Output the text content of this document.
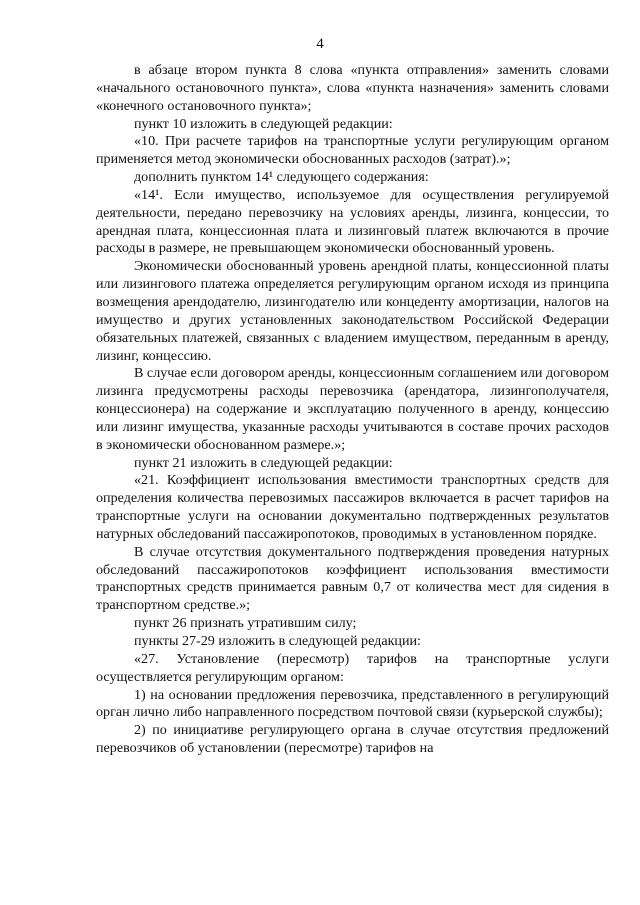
4

в абзаце втором пункта 8 слова «пункта отправления» заменить словами «начального остановочного пункта», слова «пункта назначения» заменить словами «конечного остановочного пункта»;

пункт 10 изложить в следующей редакции:

«10. При расчете тарифов на транспортные услуги регулирующим органом применяется метод экономически обоснованных расходов (затрат).»;

дополнить пунктом 14¹ следующего содержания:

«14¹. Если имущество, используемое для осуществления регулируемой деятельности, передано перевозчику на условиях аренды, лизинга, концессии, то арендная плата, концессионная плата и лизинговый платеж включаются в прочие расходы в размере, не превышающем экономически обоснованный уровень.

Экономически обоснованный уровень арендной платы, концессионной платы или лизингового платежа определяется регулирующим органом исходя из принципа возмещения арендодателю, лизингодателю или концеденту амортизации, налогов на имущество и других установленных законодательством Российской Федерации обязательных платежей, связанных с владением имуществом, переданным в аренду, лизинг, концессию.

В случае если договором аренды, концессионным соглашением или договором лизинга предусмотрены расходы перевозчика (арендатора, лизингополучателя, концессионера) на содержание и эксплуатацию полученного в аренду, концессию или лизинг имущества, указанные расходы учитываются в составе прочих расходов в экономически обоснованном размере.»;

пункт 21 изложить в следующей редакции:

«21. Коэффициент использования вместимости транспортных средств для определения количества перевозимых пассажиров включается в расчет тарифов на транспортные услуги на основании документально подтвержденных результатов натурных обследований пассажиропотоков, проводимых в установленном порядке.

В случае отсутствия документального подтверждения проведения натурных обследований пассажиропотоков коэффициент использования вместимости транспортных средств принимается равным 0,7 от количества мест для сидения в транспортном средстве.»;

пункт 26 признать утратившим силу;

пункты 27-29 изложить в следующей редакции:

«27. Установление (пересмотр) тарифов на транспортные услуги осуществляется регулирующим органом:

1) на основании предложения перевозчика, представленного в регулирующий орган лично либо направленного посредством почтовой связи (курьерской службы);

2) по инициативе регулирующего органа в случае отсутствия предложений перевозчиков об установлении (пересмотре) тарифов на
